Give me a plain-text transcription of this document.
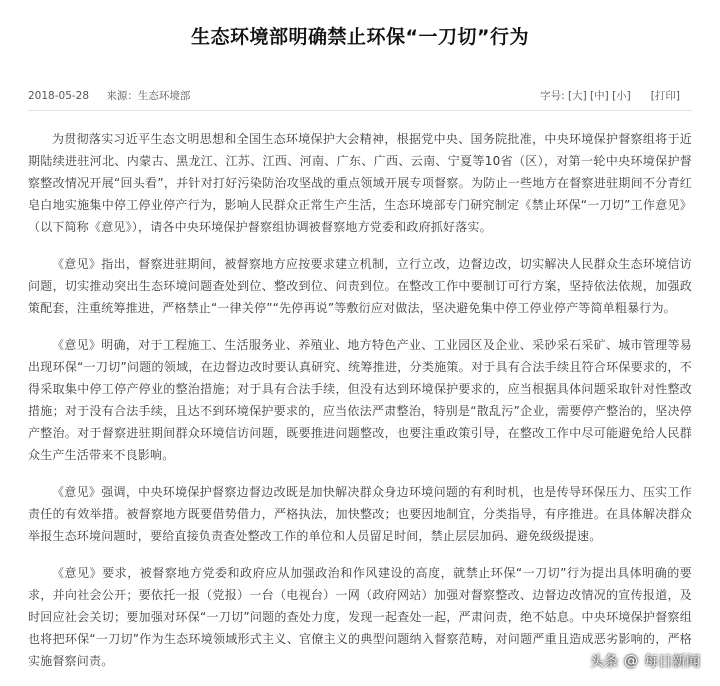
生态环境部明确禁止环保“一刀切”行为
2018-05-28 来源：生态环境部	字号: [大] [中] [小] [打印]

为贯彻落实习近平生态文明思想和全国生态环境保护大会精神，根据党中央、国务院批准，中央环境保护督察组将于近期陆续进驻河北、内蒙古、黑龙江、江苏、江西、河南、广东、广西、云南、宁夏等10省（区），对第一轮中央环境保护督察整改情况开展“回头看”，并针对打好污染防治攻坚战的重点领域开展专项督察。为防止一些地方在督察进驻期间不分青红皂白地实施集中停工停业停产行为，影响人民群众正常生产生活，生态环境部专门研究制定《禁止环保“一刀切”工作意见》（以下简称《意见》），请各中央环境保护督察组协调被督察地方党委和政府抓好落实。

《意见》指出，督察进驻期间，被督察地方应按要求建立机制，立行立改，边督边改，切实解决人民群众生态环境信访问题，切实推动突出生态环境问题查处到位、整改到位、问责到位。在整改工作中要制订可行方案，坚持依法依规，加强政策配套，注重统筹推进，严格禁止“一律关停”“先停再说”等敷衍应对做法，坚决避免集中停工停业停产等简单粗暴行为。

《意见》明确，对于工程施工、生活服务业、养殖业、地方特色产业、工业园区及企业、采砂采石采矿、城市管理等易出现环保“一刀切”问题的领域，在边督边改时要认真研究、统筹推进，分类施策。对于具有合法手续且符合环保要求的，不得采取集中停工停产停业的整治措施；对于具有合法手续，但没有达到环境保护要求的，应当根据具体问题采取针对性整改措施；对于没有合法手续，且达不到环境保护要求的，应当依法严肃整治，特别是“散乱污”企业，需要停产整治的，坚决停产整治。对于督察进驻期间群众环境信访问题，既要推进问题整改，也要注重政策引导，在整改工作中尽可能避免给人民群众生产生活带来不良影响。

《意见》强调，中央环境保护督察边督边改既是加快解决群众身边环境问题的有利时机，也是传导环保压力、压实工作责任的有效举措。被督察地方既要借势借力，严格执法，加快整改；也要因地制宜，分类指导，有序推进。在具体解决群众举报生态环境问题时，要给直接负责查处整改工作的单位和人员留足时间，禁止层层加码、避免级级提速。

《意见》要求，被督察地方党委和政府应从加强政治和作风建设的高度，就禁止环保“一刀切”行为提出具体明确的要求，并向社会公开；要依托一报（党报）一台（电视台）一网（政府网站）加强对督察整改、边督边改情况的宣传报道，及时回应社会关切；要加强对环保“一刀切”问题的查处力度，发现一起查处一起，严肃问责，绝不姑息。中央环境保护督察组也将把环保“一刀切”作为生态环境领域形式主义、官僚主义的典型问题纳入督察范畴，对问题严重且造成恶劣影响的，严格实施督察问责。	头条 @ 每日新闻
